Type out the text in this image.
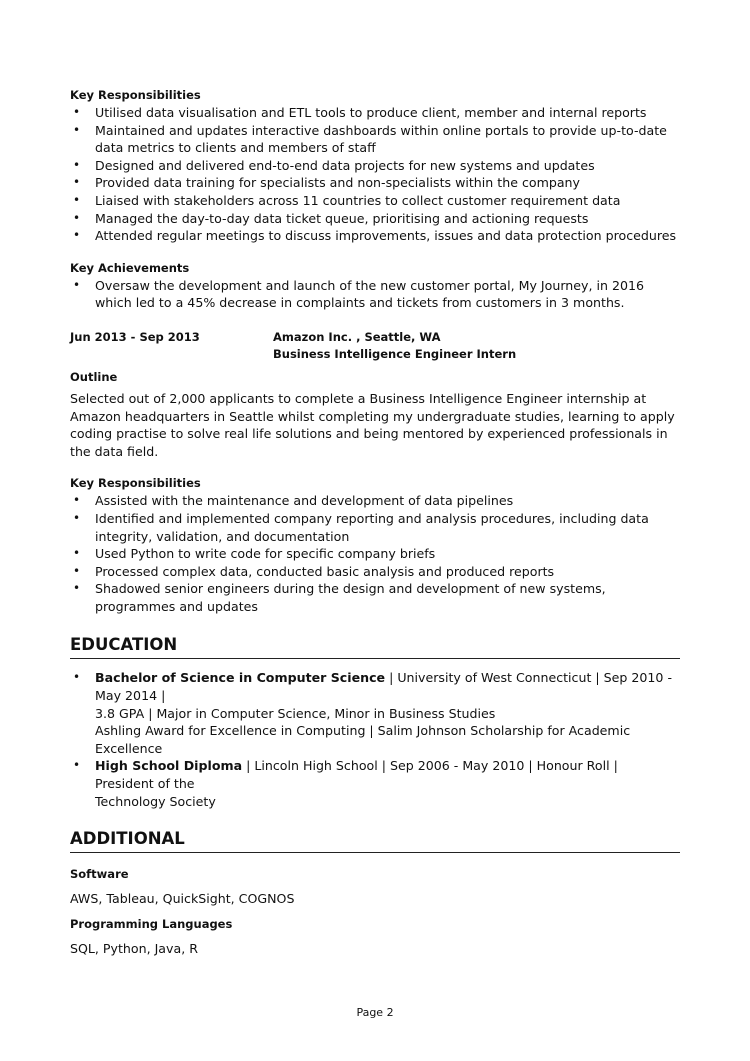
Key Responsibilities

• Utilised data visualisation and ETL tools to produce client, member and internal reports
• Maintained and updates interactive dashboards within online portals to provide up-to-date data metrics to clients and members of staff
• Designed and delivered end-to-end data projects for new systems and updates
• Provided data training for specialists and non-specialists within the company
• Liaised with stakeholders across 11 countries to collect customer requirement data
• Managed the day-to-day data ticket queue, prioritising and actioning requests
• Attended regular meetings to discuss improvements, issues and data protection procedures

Key Achievements

• Oversaw the development and launch of the new customer portal, My Journey, in 2016 which led to a 45% decrease in complaints and tickets from customers in 3 months.
Jun 2013 - Sep 2013	Amazon Inc. , Seattle, WA
Business Intelligence Engineer Intern

Outline

Selected out of 2,000 applicants to complete a Business Intelligence Engineer internship at Amazon headquarters in Seattle whilst completing my undergraduate studies, learning to apply coding practise to solve real life solutions and being mentored by experienced professionals in the data field.

Key Responsibilities

• Assisted with the maintenance and development of data pipelines
• Identified and implemented company reporting and analysis procedures, including data integrity, validation, and documentation
• Used Python to write code for specific company briefs
• Processed complex data, conducted basic analysis and produced reports
• Shadowed senior engineers during the design and development of new systems, programmes and updates
EDUCATION
• Bachelor of Science in Computer Science | University of West Connecticut | Sep 2010 - May 2014 |
3.8 GPA | Major in Computer Science, Minor in Business Studies
Ashling Award for Excellence in Computing | Salim Johnson Scholarship for Academic Excellence
• High School Diploma | Lincoln High School | Sep 2006 - May 2010 | Honour Roll | President of the
Technology Society
ADDITIONAL

Software

AWS, Tableau, QuickSight, COGNOS

Programming Languages

SQL, Python, Java, R

Page 2
